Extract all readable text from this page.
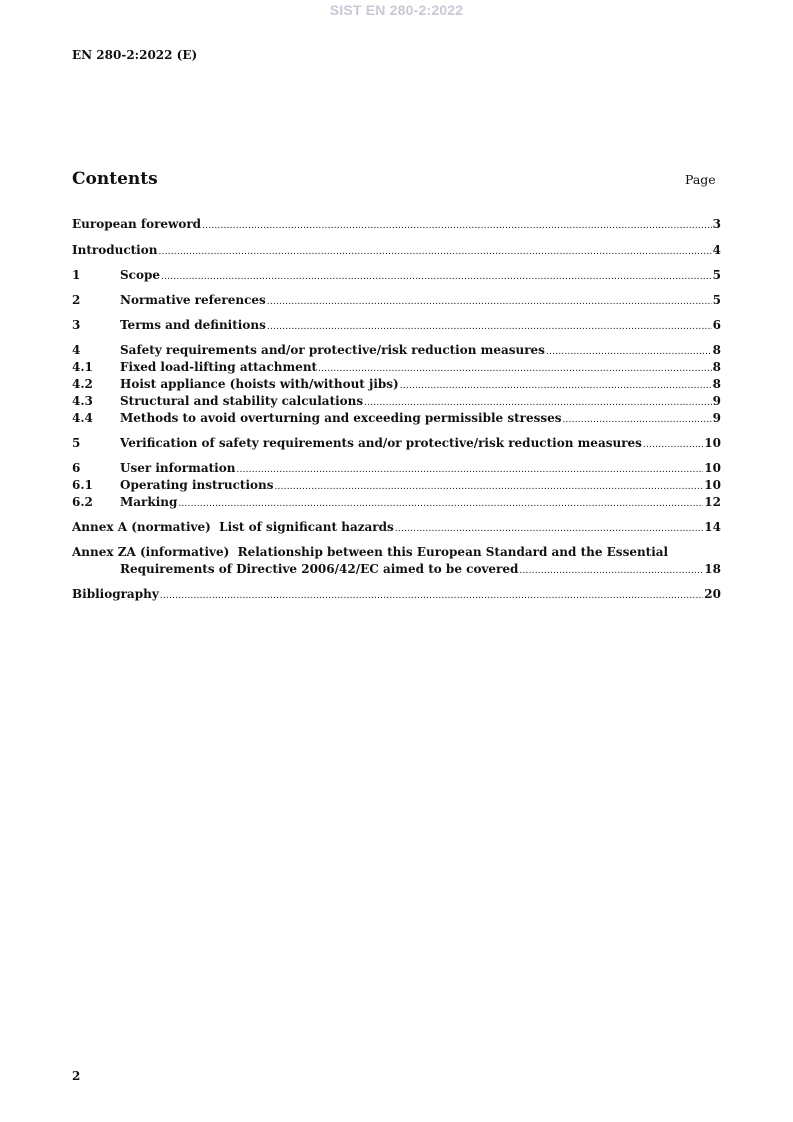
SIST EN 280-2:2022
EN 280-2:2022 (E)
Contents	Page
European foreword .....	3
Introduction .....	4
1	Scope .....	5
2	Normative references .....	5
3	Terms and definitions .....	6
4	Safety requirements and/or protective/risk reduction measures .....	8
4.1	Fixed load-lifting attachment .....	8
4.2	Hoist appliance (hoists with/without jibs) .....	8
4.3	Structural and stability calculations .....	9
4.4	Methods to avoid overturning and exceeding permissible stresses .....	9
5	Verification of safety requirements and/or protective/risk reduction measures .....	10
6	User information .....	10
6.1	Operating instructions .....	10
6.2	Marking .....	12
Annex A (normative)  List of significant hazards .....	14
Annex ZA (informative)  Relationship between this European Standard and the Essential
Requirements of Directive 2006/42/EC aimed to be covered .....	18
Bibliography .....	20
2
